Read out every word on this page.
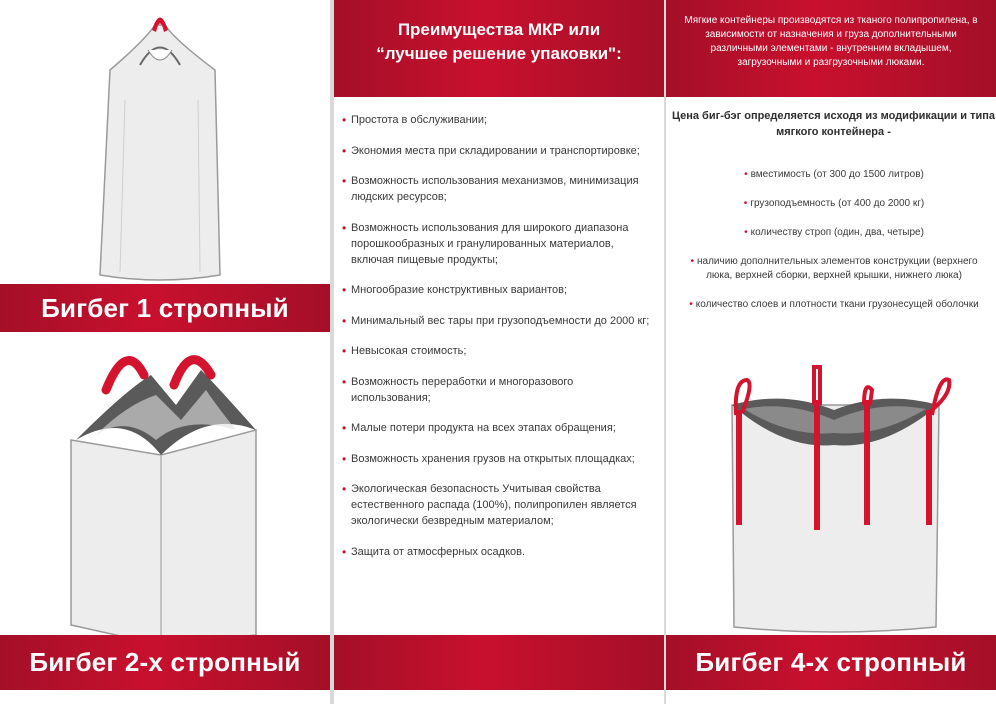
Бигбег 1 стропный
Бигбег 2-х стропный
Преимущества МКР или
“лучшее решение упаковки":
• Простота в обслуживании;
• Экономия места при складировании и транспортировке;
• Возможность использования механизмов, минимизация людских ресурсов;
• Возможность использования для широкого диапазона порошкообразных и гранулированных материалов, включая пищевые продукты;
• Многообразие конструктивных вариантов;
• Минимальный вес тары при грузоподъемности до 2000 кг;
• Невысокая стоимость;
• Возможность переработки и многоразового использования;
• Малые потери продукта на всех этапах обращения;
• Возможность хранения грузов на открытых площадках;
• Экологическая безопасность Учитывая свойства естественного распада (100%), полипропилен является экологически безвредным материалом;
• Защита от атмосферных осадков.

Мягкие контейнеры производятся из тканого полипропилена, в зависимости от назначения и груза дополнительными различными элементами - внутренним вкладышем, загрузочными и разгрузочными люками.

Цена биг-бэг определяется исходя из модификации и типа мягкого контейнера -
• вместимость (от 300 до 1500 литров)
• грузоподъемность (от 400 до 2000 кг)
• количеству строп (один, два, четыре)
• наличию дополнительных элементов конструкции (верхнего люка, верхней сборки, верхней крышки, нижнего люка)
• количество слоев и плотности ткани грузонесущей оболочки
Бигбег 4-х стропный
